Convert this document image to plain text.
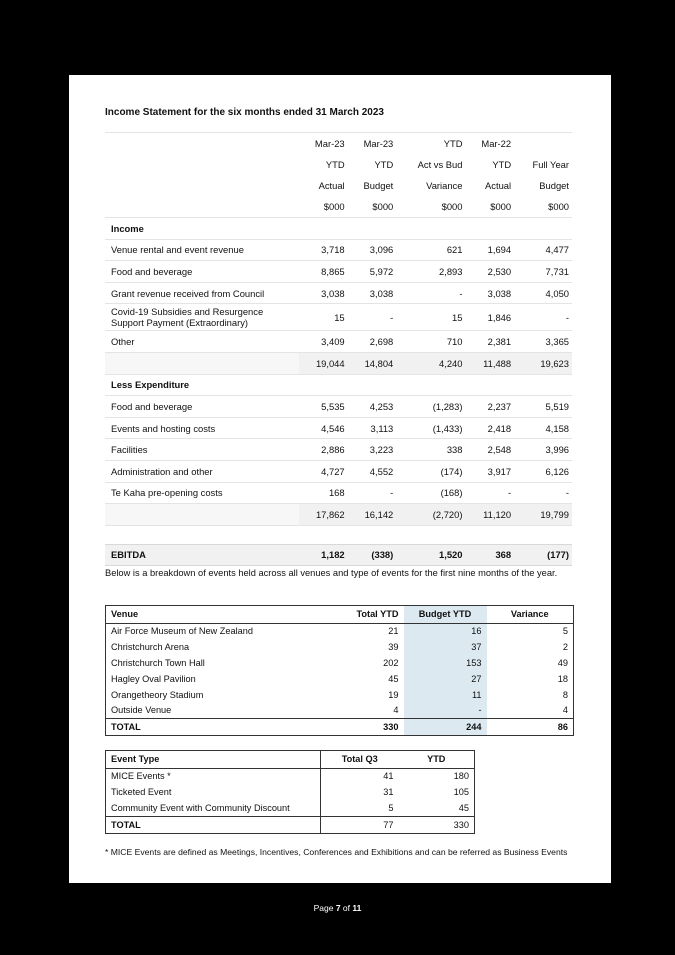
Income Statement for the six months ended 31 March 2023
	Mar-23	Mar-23	YTD	Mar-22	
	YTD	YTD	Act vs Bud	YTD	Full Year
	Actual	Budget	Variance	Actual	Budget
	$000	$000	$000	$000	$000
Income					
Venue rental and event revenue	3,718	3,096	621	1,694	4,477
Food and beverage	8,865	5,972	2,893	2,530	7,731
Grant revenue received from Council	3,038	3,038	-	3,038	4,050
Covid-19 Subsidies and Resurgence Support Payment (Extraordinary)	15	-	15	1,846	-
Other	3,409	2,698	710	2,381	3,365
	19,044	14,804	4,240	11,488	19,623
Less Expenditure					
Food and beverage	5,535	4,253	(1,283)	2,237	5,519
Events and hosting costs	4,546	3,113	(1,433)	2,418	4,158
Facilities	2,886	3,223	338	2,548	3,996
Administration and other	4,727	4,552	(174)	3,917	6,126
Te Kaha pre-opening costs	168	-	(168)	-	-
	17,862	16,142	(2,720)	11,120	19,799

EBITDA	1,182	(338)	1,520	368	(177)
Below is a breakdown of events held across all venues and type of events for the first nine months of the year.
Venue	Total YTD	Budget YTD	Variance
Air Force Museum of New Zealand	21	16	5
Christchurch Arena	39	37	2
Christchurch Town Hall	202	153	49
Hagley Oval Pavilion	45	27	18
Orangetheory Stadium	19	11	8
Outside Venue	4	-	4
TOTAL	330	244	86
Event Type	Total Q3	YTD
MICE Events *	41	180
Ticketed Event	31	105
Community Event with Community Discount	5	45
TOTAL	77	330
* MICE Events are defined as Meetings, Incentives, Conferences and Exhibitions and can be referred as Business Events
Page 7 of 11
